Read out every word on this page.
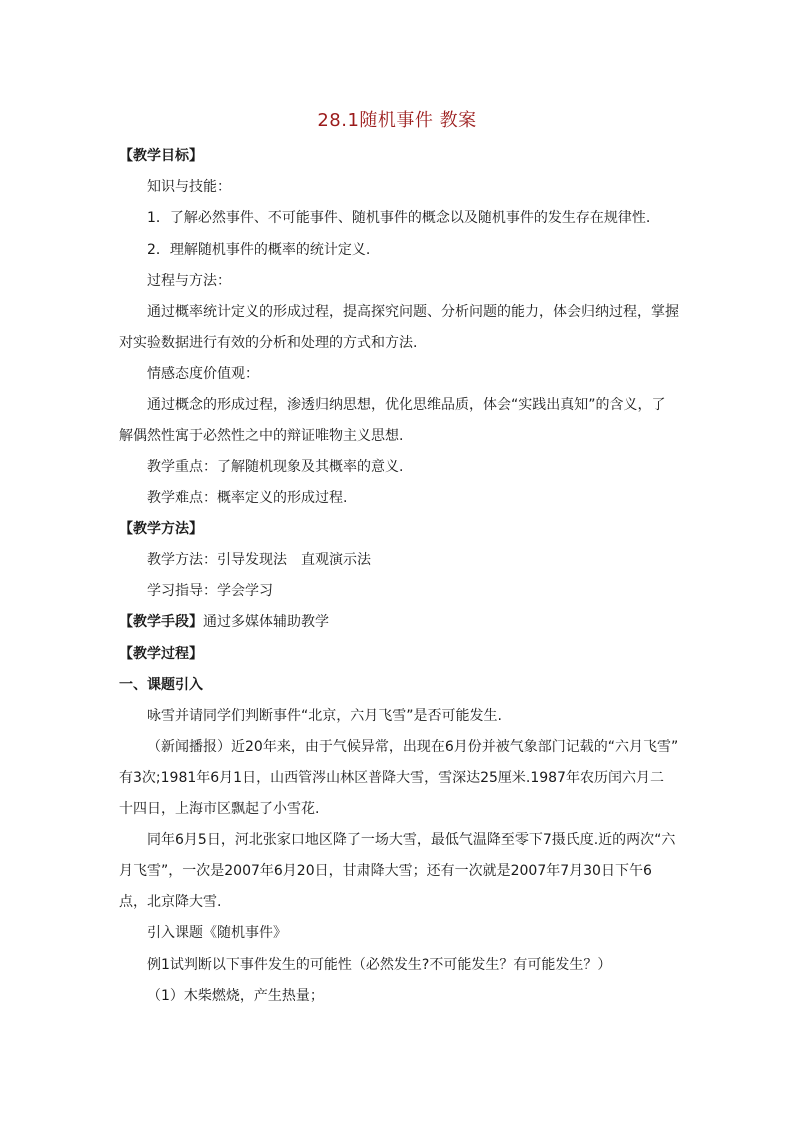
28.1随机事件 教案
【教学目标】
知识与技能：
1．了解必然事件、不可能事件、随机事件的概念以及随机事件的发生存在规律性.
2．理解随机事件的概率的统计定义.
过程与方法：
通过概率统计定义的形成过程，提高探究问题、分析问题的能力，体会归纳过程，掌握
对实验数据进行有效的分析和处理的方式和方法.
情感态度价值观：
通过概念的形成过程，渗透归纳思想，优化思维品质，体会“实践出真知”的含义，了
解偶然性寓于必然性之中的辩证唯物主义思想.
教学重点：了解随机现象及其概率的意义.
教学难点：概率定义的形成过程.
【教学方法】
教学方法：引导发现法　直观演示法
学习指导：学会学习
【教学手段】 通过多媒体辅助教学
【教学过程】
一、课题引入
咏雪并请同学们判断事件“北京，六月飞雪”是否可能发生.
（新闻播报）近20年来，由于气候异常，出现在6月份并被气象部门记载的“六月飞雪”
有3次;1981年6月1日，山西管涔山林区普降大雪，雪深达25厘米.1987年农历闰六月二
十四日，上海市区飘起了小雪花.
同年6月5日，河北张家口地区降了一场大雪，最低气温降至零下7摄氏度.近的两次“六
月飞雪”，一次是2007年6月20日，甘肃降大雪；还有一次就是2007年7月30日下午6
点，北京降大雪.
引入课题《随机事件》
例1试判断以下事件发生的可能性（必然发生?不可能发生？有可能发生？）
（1）木柴燃烧，产生热量；
